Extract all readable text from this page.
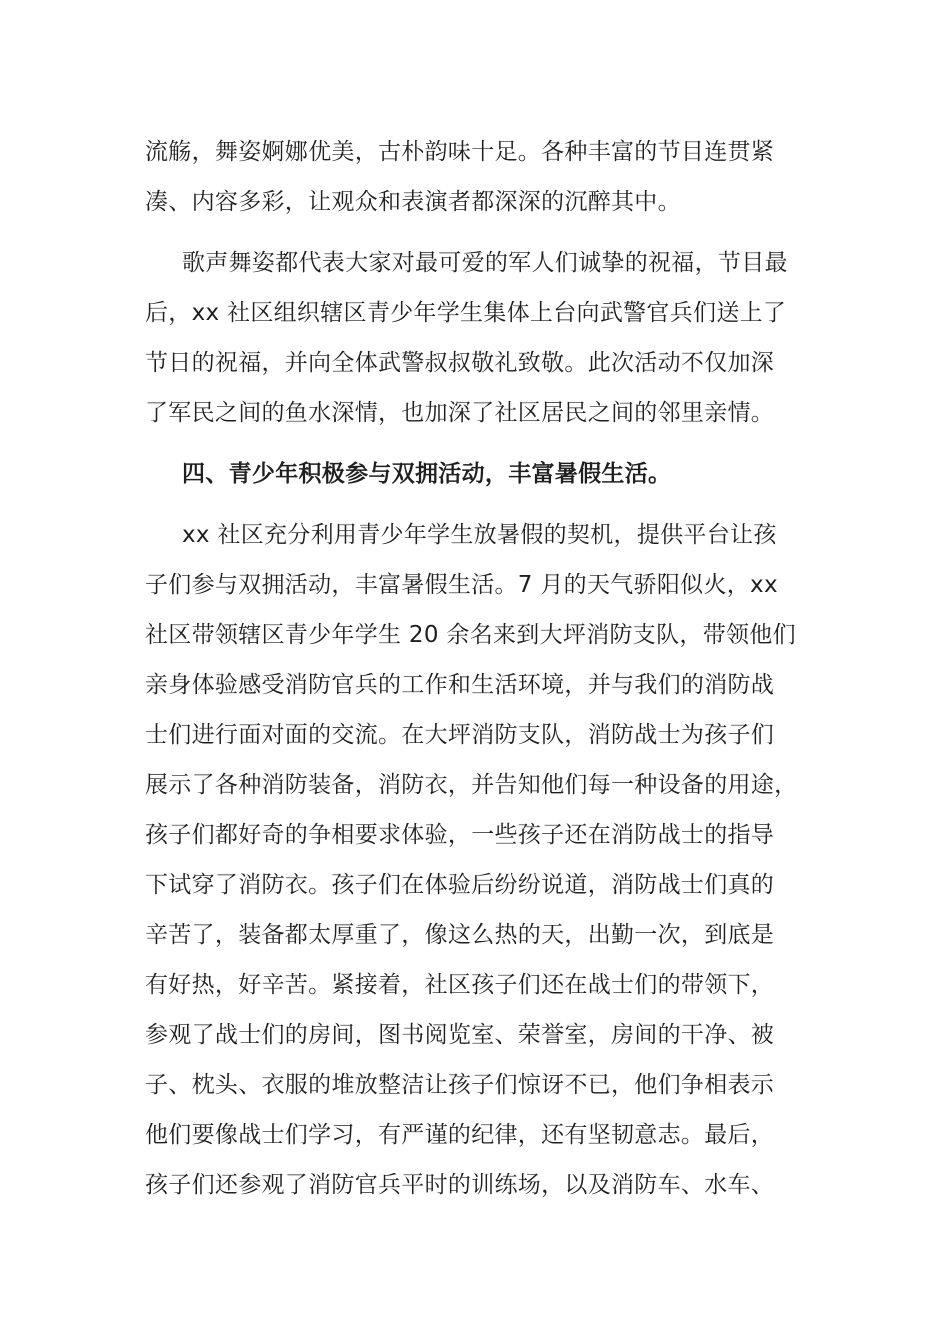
流觞，舞姿婀娜优美，古朴韵味十足。各种丰富的节目连贯紧

凑、内容多彩，让观众和表演者都深深的沉醉其中。

歌声舞姿都代表大家对最可爱的军人们诚挚的祝福，节目最

后，xx 社区组织辖区青少年学生集体上台向武警官兵们送上了

节日的祝福，并向全体武警叔叔敬礼致敬。此次活动不仅加深

了军民之间的鱼水深情，也加深了社区居民之间的邻里亲情。

四、青少年积极参与双拥活动，丰富暑假生活。

xx 社区充分利用青少年学生放暑假的契机，提供平台让孩

子们参与双拥活动，丰富暑假生活。7 月的天气骄阳似火，xx

社区带领辖区青少年学生 20 余名来到大坪消防支队，带领他们

亲身体验感受消防官兵的工作和生活环境，并与我们的消防战

士们进行面对面的交流。在大坪消防支队，消防战士为孩子们

展示了各种消防装备，消防衣，并告知他们每一种设备的用途，

孩子们都好奇的争相要求体验，一些孩子还在消防战士的指导

下试穿了消防衣。孩子们在体验后纷纷说道，消防战士们真的

辛苦了，装备都太厚重了，像这么热的天，出勤一次，到底是

有好热，好辛苦。紧接着，社区孩子们还在战士们的带领下，

参观了战士们的房间，图书阅览室、荣誉室，房间的干净、被

子、枕头、衣服的堆放整洁让孩子们惊讶不已，他们争相表示

他们要像战士们学习，有严谨的纪律，还有坚韧意志。最后，

孩子们还参观了消防官兵平时的训练场，以及消防车、水车、
